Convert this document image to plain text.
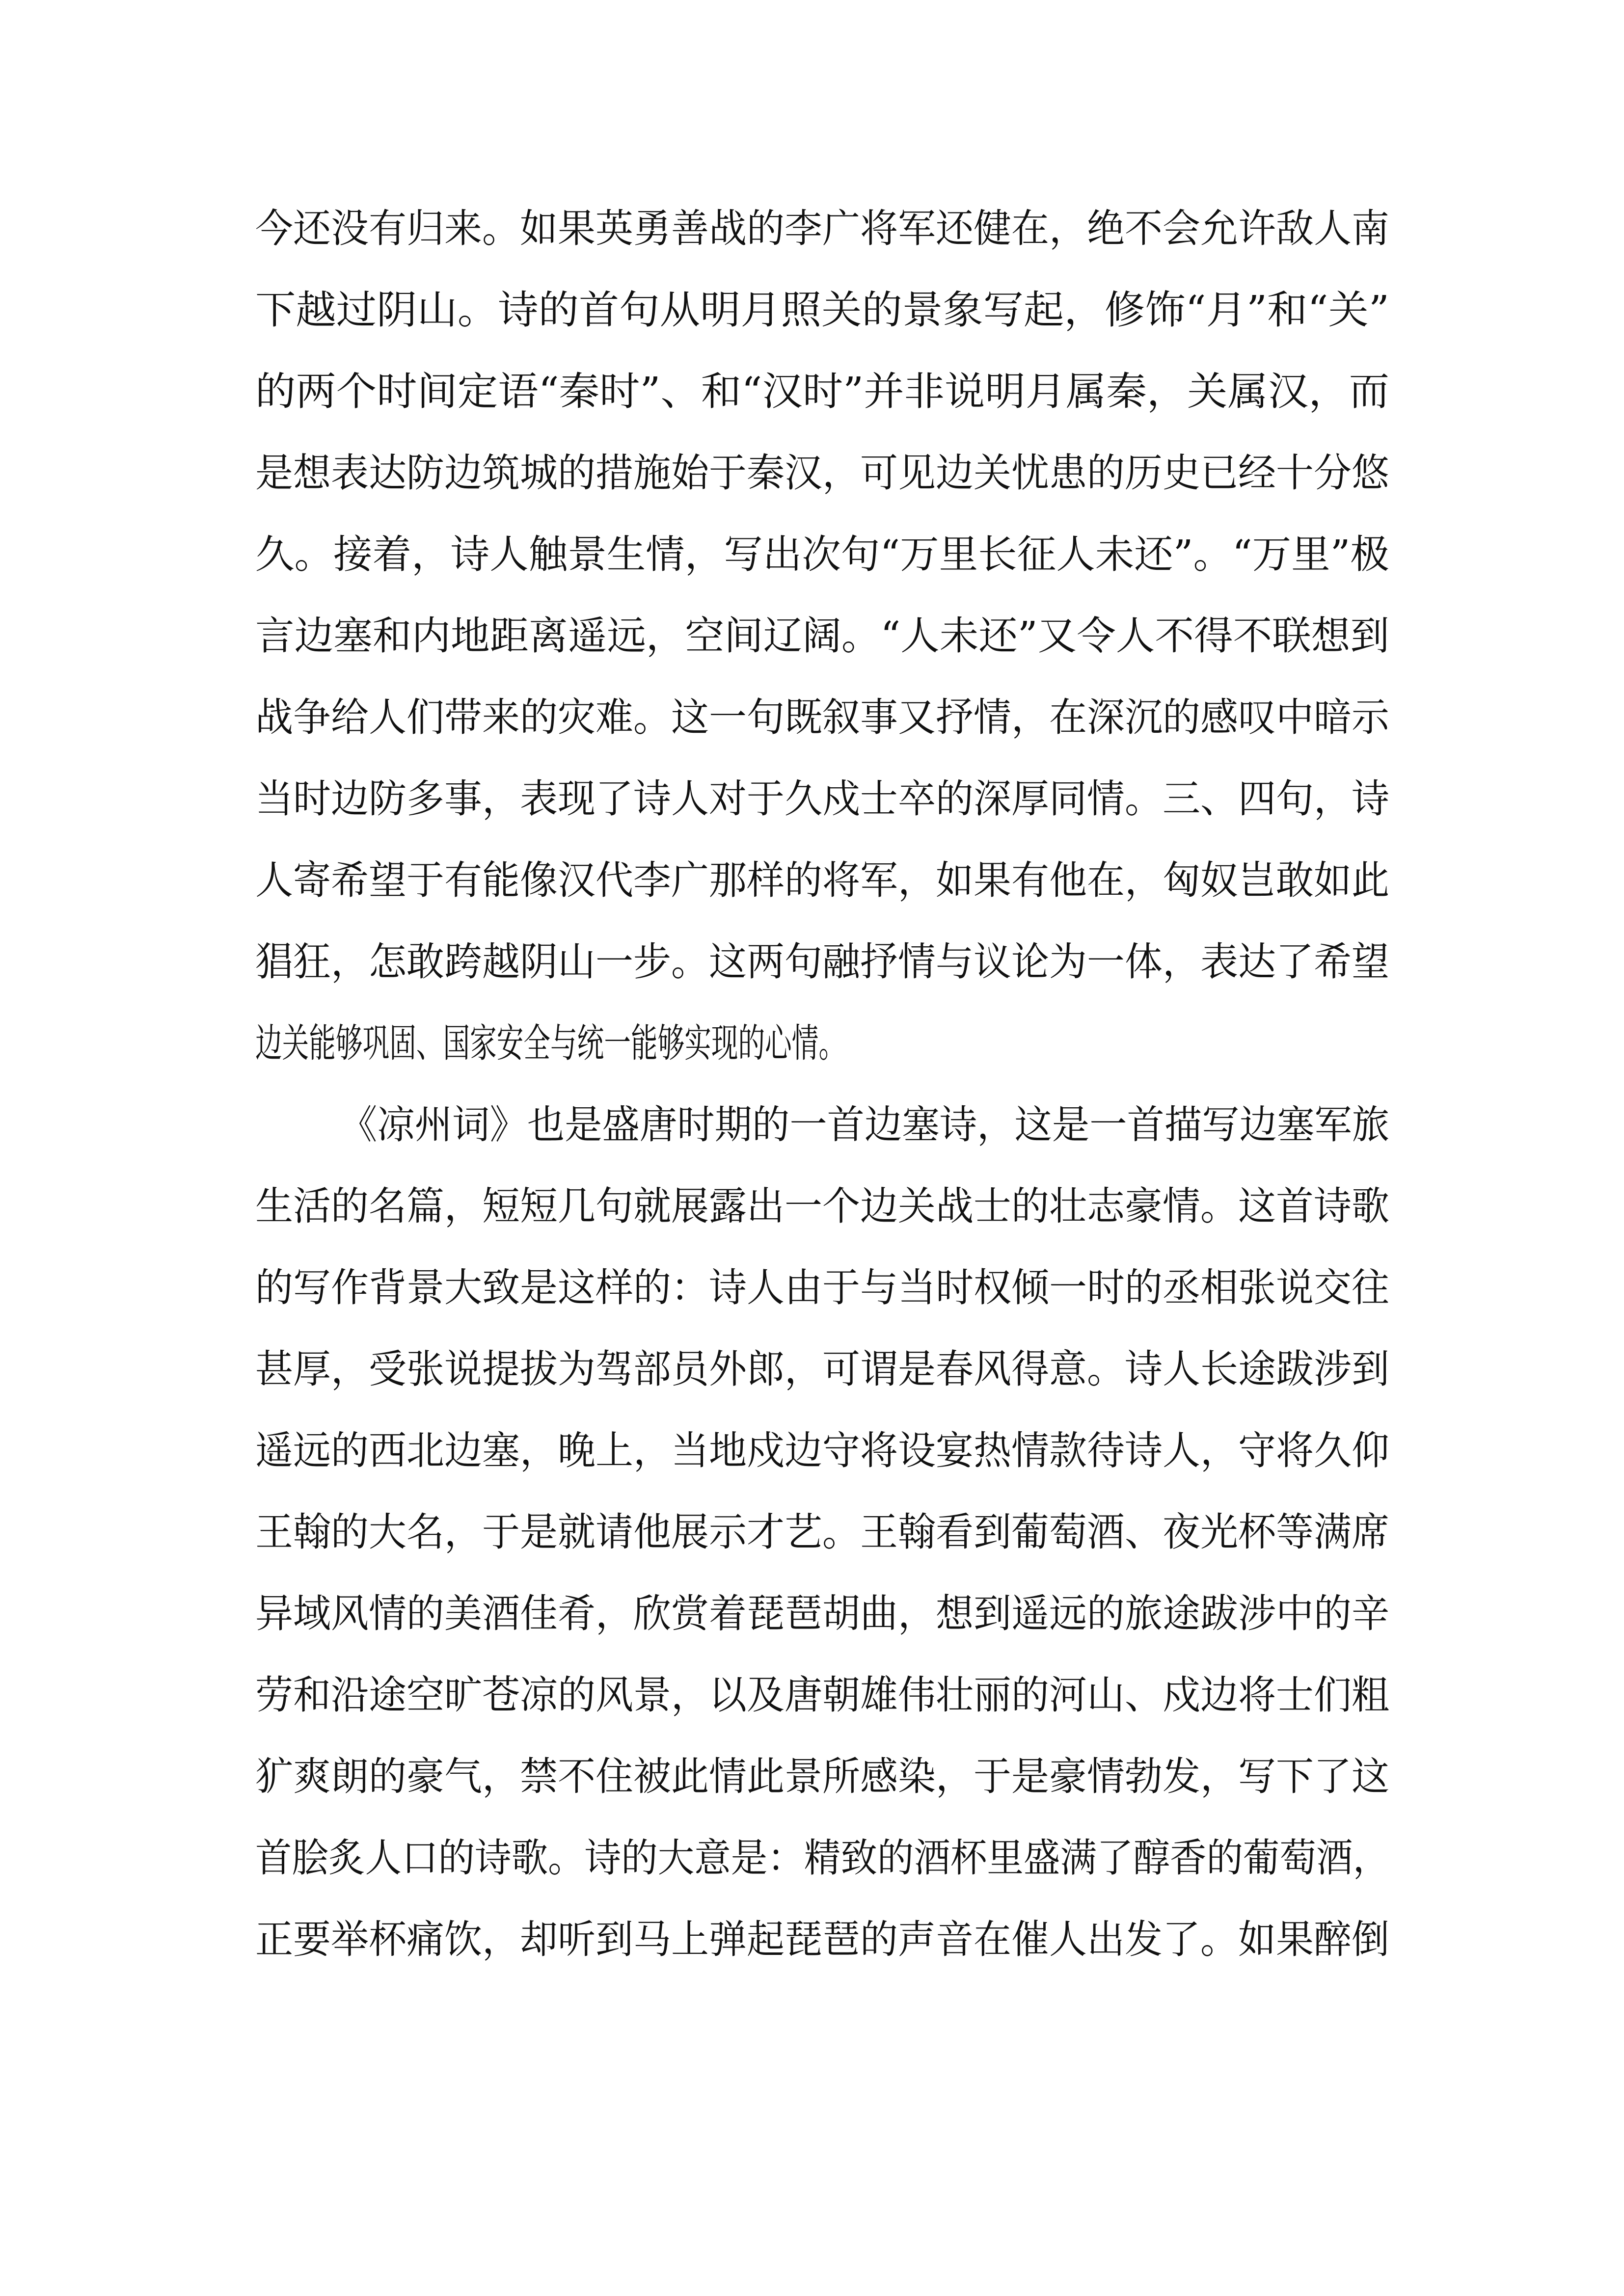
今还没有归来。如果英勇善战的李广将军还健在，绝不会允许敌人南
下越过阴山。诗的首句从明月照关的景象写起，修饰“月”和“关”
的两个时间定语“秦时”、和“汉时”并非说明月属秦，关属汉，而
是想表达防边筑城的措施始于秦汉，可见边关忧患的历史已经十分悠
久。接着，诗人触景生情，写出次句“万里长征人未还”。“万里”极
言边塞和内地距离遥远，空间辽阔。“人未还”又令人不得不联想到
战争给人们带来的灾难。这一句既叙事又抒情，在深沉的感叹中暗示
当时边防多事，表现了诗人对于久戍士卒的深厚同情。三、四句，诗
人寄希望于有能像汉代李广那样的将军，如果有他在，匈奴岂敢如此
猖狂，怎敢跨越阴山一步。这两句融抒情与议论为一体，表达了希望
边关能够巩固、国家安全与统一能够实现的心情。
《凉州词》也是盛唐时期的一首边塞诗，这是一首描写边塞军旅
生活的名篇，短短几句就展露出一个边关战士的壮志豪情。这首诗歌
的写作背景大致是这样的：诗人由于与当时权倾一时的丞相张说交往
甚厚，受张说提拔为驾部员外郎，可谓是春风得意。诗人长途跋涉到
遥远的西北边塞，晚上，当地戍边守将设宴热情款待诗人，守将久仰
王翰的大名，于是就请他展示才艺。王翰看到葡萄酒、夜光杯等满席
异域风情的美酒佳肴，欣赏着琵琶胡曲，想到遥远的旅途跋涉中的辛
劳和沿途空旷苍凉的风景，以及唐朝雄伟壮丽的河山、戍边将士们粗
犷爽朗的豪气，禁不住被此情此景所感染，于是豪情勃发，写下了这
首脍炙人口的诗歌。诗的大意是：精致的酒杯里盛满了醇香的葡萄酒，
正要举杯痛饮，却听到马上弹起琵琶的声音在催人出发了。如果醉倒
